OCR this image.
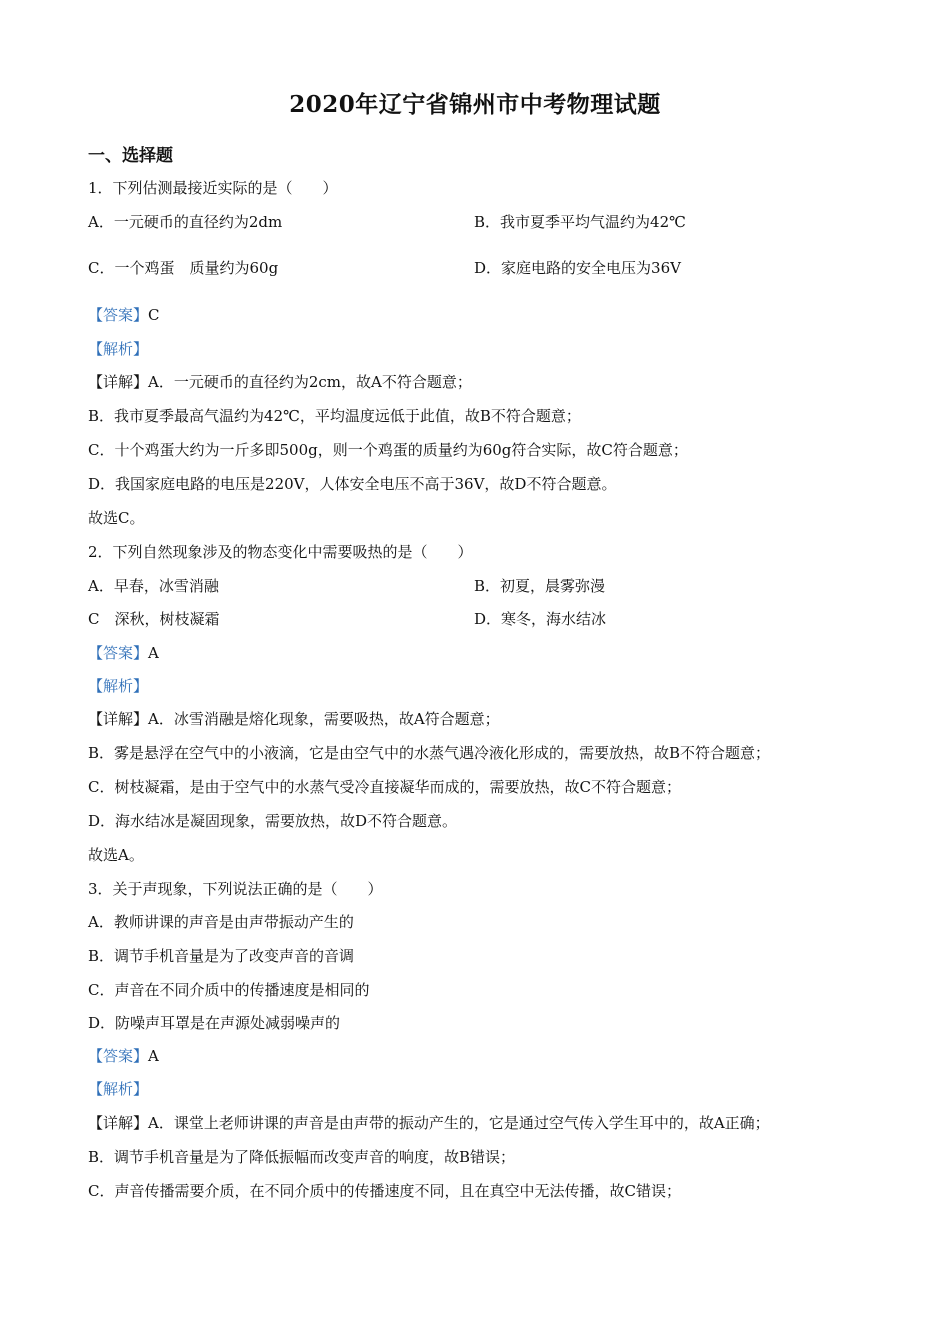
2020年辽宁省锦州市中考物理试题
一、选择题
1．下列估测最接近实际的是（　　）
A．一元硬币的直径约为2dm	B．我市夏季平均气温约为42℃
C．一个鸡蛋　质量约为60g	D．家庭电路的安全电压为36V
【答案】C
【解析】
【详解】A．一元硬币的直径约为2cm，故A不符合题意；
B．我市夏季最高气温约为42℃，平均温度远低于此值，故B不符合题意；
C．十个鸡蛋大约为一斤多即500g，则一个鸡蛋的质量约为60g符合实际，故C符合题意；
D．我国家庭电路的电压是220V，人体安全电压不高于36V，故D不符合题意。
故选C。
2．下列自然现象涉及的物态变化中需要吸热的是（　　）
A．早春，冰雪消融	B．初夏，晨雾弥漫
C　深秋，树枝凝霜	D．寒冬，海水结冰
【答案】A
【解析】
【详解】A．冰雪消融是熔化现象，需要吸热，故A符合题意；
B．雾是悬浮在空气中的小液滴，它是由空气中的水蒸气遇冷液化形成的，需要放热，故B不符合题意；
C．树枝凝霜，是由于空气中的水蒸气受冷直接凝华而成的，需要放热，故C不符合题意；
D．海水结冰是凝固现象，需要放热，故D不符合题意。
故选A。
3．关于声现象，下列说法正确的是（　　）
A．教师讲课的声音是由声带振动产生的
B．调节手机音量是为了改变声音的音调
C．声音在不同介质中的传播速度是相同的
D．防噪声耳罩是在声源处减弱噪声的
【答案】A
【解析】
【详解】A．课堂上老师讲课的声音是由声带的振动产生的，它是通过空气传入学生耳中的，故A正确；
B．调节手机音量是为了降低振幅而改变声音的响度，故B错误；
C．声音传播需要介质，在不同介质中的传播速度不同，且在真空中无法传播，故C错误；
